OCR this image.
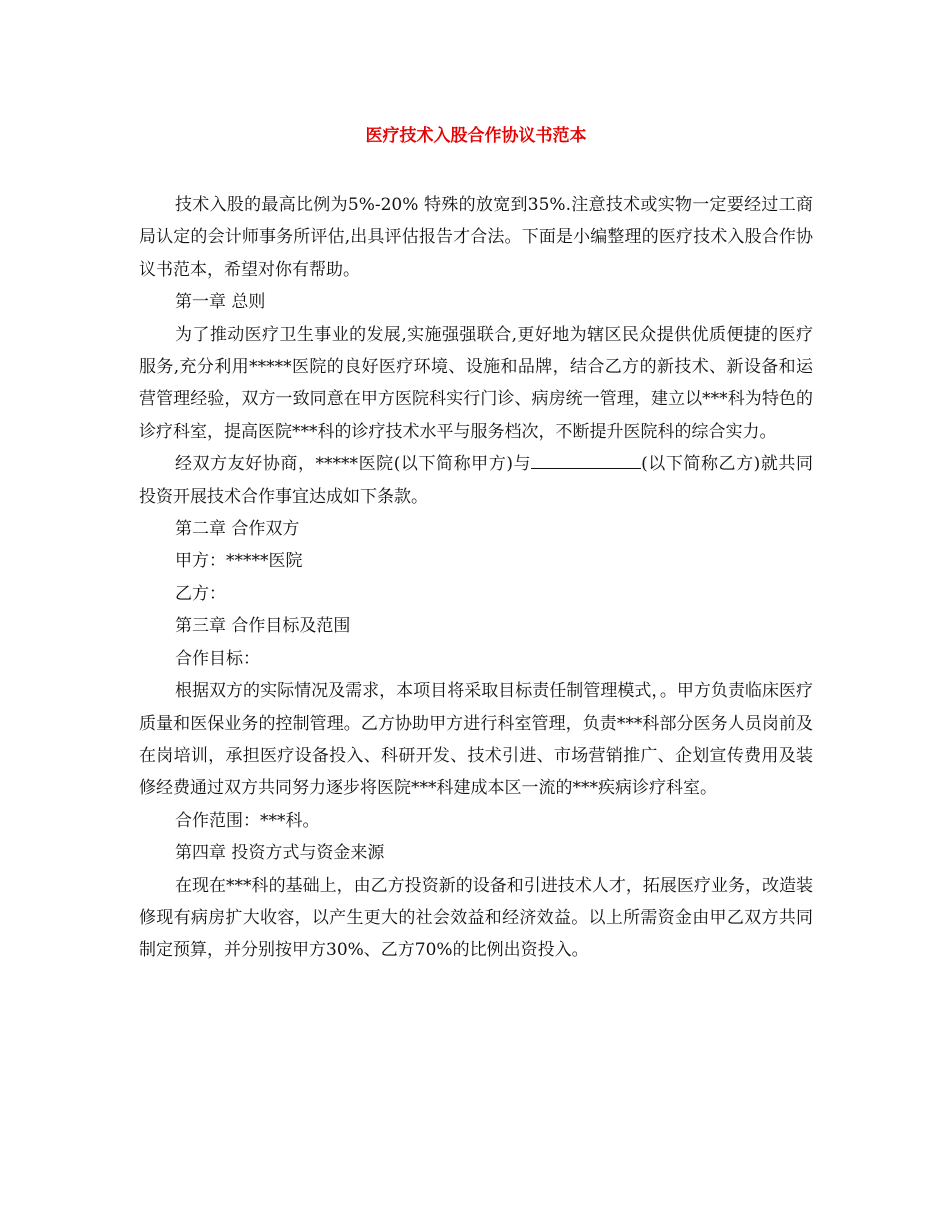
医疗技术入股合作协议书范本

技术入股的最高比例为5%-20% 特殊的放宽到35%.注意技术或实物一定要经过工商局认定的会计师事务所评估,出具评估报告才合法。下面是小编整理的医疗技术入股合作协议书范本，希望对你有帮助。

第一章 总则

为了推动医疗卫生事业的发展,实施强强联合,更好地为辖区民众提供优质便捷的医疗服务,充分利用*****医院的良好医疗环境、设施和品牌，结合乙方的新技术、新设备和运营管理经验，双方一致同意在甲方医院科实行门诊、病房统一管理，建立以***科为特色的诊疗科室，提高医院***科的诊疗技术水平与服务档次，不断提升医院科的综合实力。

经双方友好协商，*****医院(以下简称甲方)与	(以下简称乙方)就共同投资开展技术合作事宜达成如下条款。

第二章 合作双方

甲方：*****医院

乙方：

第三章 合作目标及范围

合作目标：

根据双方的实际情况及需求，本项目将采取目标责任制管理模式，。甲方负责临床医疗质量和医保业务的控制管理。乙方协助甲方进行科室管理，负责***科部分医务人员岗前及在岗培训，承担医疗设备投入、科研开发、技术引进、市场营销推广、企划宣传费用及装修经费通过双方共同努力逐步将医院***科建成本区一流的***疾病诊疗科室。

合作范围：***科。

第四章 投资方式与资金来源

在现在***科的基础上，由乙方投资新的设备和引进技术人才，拓展医疗业务，改造装修现有病房扩大收容，以产生更大的社会效益和经济效益。以上所需资金由甲乙双方共同制定预算，并分别按甲方30%、乙方70%的比例出资投入。
